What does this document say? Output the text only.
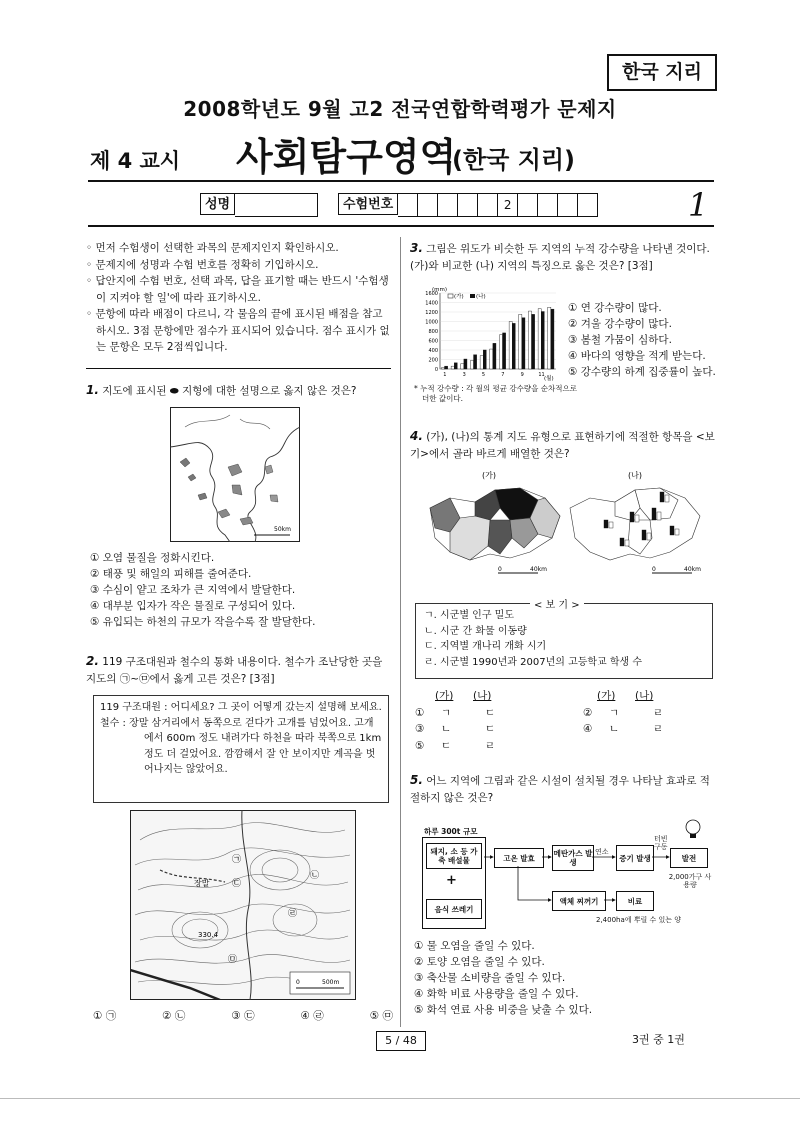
한국 지리
2008학년도 9월 고2 전국연합학력평가 문제지
제 4 교시 사회탐구영역
(한국 지리)
성명	수험번호	2	1

◦ 먼저 수험생이 선택한 과목의 문제지인지 확인하시오.

◦ 문제지에 성명과 수험 번호를 정확히 기입하시오.

◦ 답안지에 수험 번호, 선택 과목, 답을 표기할 때는 반드시 '수험생이 지켜야 할 일'에 따라 표기하시오.

◦ 문항에 따라 배점이 다르니, 각 물음의 끝에 표시된 배점을 참고하시오. 3점 문항에만 점수가 표시되어 있습니다. 점수 표시가 없는 문항은 모두 2점씩입니다.

1. 지도에 표시된 ⬬ 지형에 대한 설명으로 옳지 않은 것은?
50km
① 오염 물질을 정화시킨다.
② 태풍 및 해일의 피해를 줄여준다.
③ 수심이 얕고 조차가 큰 지역에서 발달한다.
④ 대부분 입자가 작은 물질로 구성되어 있다.
⑤ 유입되는 하천의 규모가 작을수록 잘 발달한다.
2. 119 구조대원과 철수의 통화 내용이다. 철수가 조난당한 곳을 지도의 ㉠~㉤에서 옳게 고른 것은? [3점]
119 구조대원 : 어디세요? 그 곳이 어떻게 갔는지 설명해 보세요.
철수 : 장말 삼거리에서 동쪽으로 걷다가 고개를 넘었어요. 고개에서 600m 정도 내려가다 하천을 따라 북쪽으로 1km 정도 더 걸었어요. 깜깜해서 잘 안 보이지만 계곡을 벗어나지는 않았어요.
㉠
㉡
㉢
㉣
㉤
장말
330.4
0	500m
① ㉠	② ㉡	③ ㉢	④ ㉣	⑤ ㉤
3. 그림은 위도가 비슷한 두 지역의 누적 강수량을 나타낸 것이다. (가)와 비교한 (나) 지역의 특징으로 옳은 것은? [3점]
(mm)
0
200
400
600
800
1000
1200
1400
1600
1	3	5	7	9	11
(월)
(가) (나)
* 누적 강수량 : 각 월의 평균 강수량을 순차적으로 더한 값이다.
① 연 강수량이 많다.
② 겨울 강수량이 많다.
③ 봄철 가뭄이 심하다.
④ 바다의 영향을 적게 받는다.
⑤ 강수량의 하계 집중률이 높다.
4. (가), (나)의 통계 지도 유형으로 표현하기에 적절한 항목을 <보기>에서 골라 바르게 배열한 것은?
(가)	(나)
0	40km	0	40km
ㄱ. 시군별 인구 밀도
ㄴ. 시군 간 화물 이동량
ㄷ. 지역별 개나리 개화 시기
ㄹ. 시군별 1990년과 2007년의 고등학교 학생 수
< 보 기 >
(가)	(나)	(가)	(나)
①	ㄱ	ㄷ	②	ㄱ	ㄹ
③	ㄴ	ㄷ	④	ㄴ	ㄹ
⑤	ㄷ	ㄹ
5. 어느 지역에 그림과 같은 시설이 설치될 경우 나타날 효과로 적절하지 않은 것은?
하루 300t 규모
돼지, 소 등 가축 배설물
+
음식 쓰레기
고온 발효	메탄가스 발생
연소
증기 발생
터빈 구동
발전
2,000가구 사용량
액체 찌꺼기	비료
2,400ha에 뿌릴 수 있는 양
① 물 오염을 줄일 수 있다.
② 토양 오염을 줄일 수 있다.
③ 축산물 소비량을 줄일 수 있다.
④ 화학 비료 사용량을 줄일 수 있다.
⑤ 화석 연료 사용 비중을 낮출 수 있다.
5 / 48	3권 중 1권
